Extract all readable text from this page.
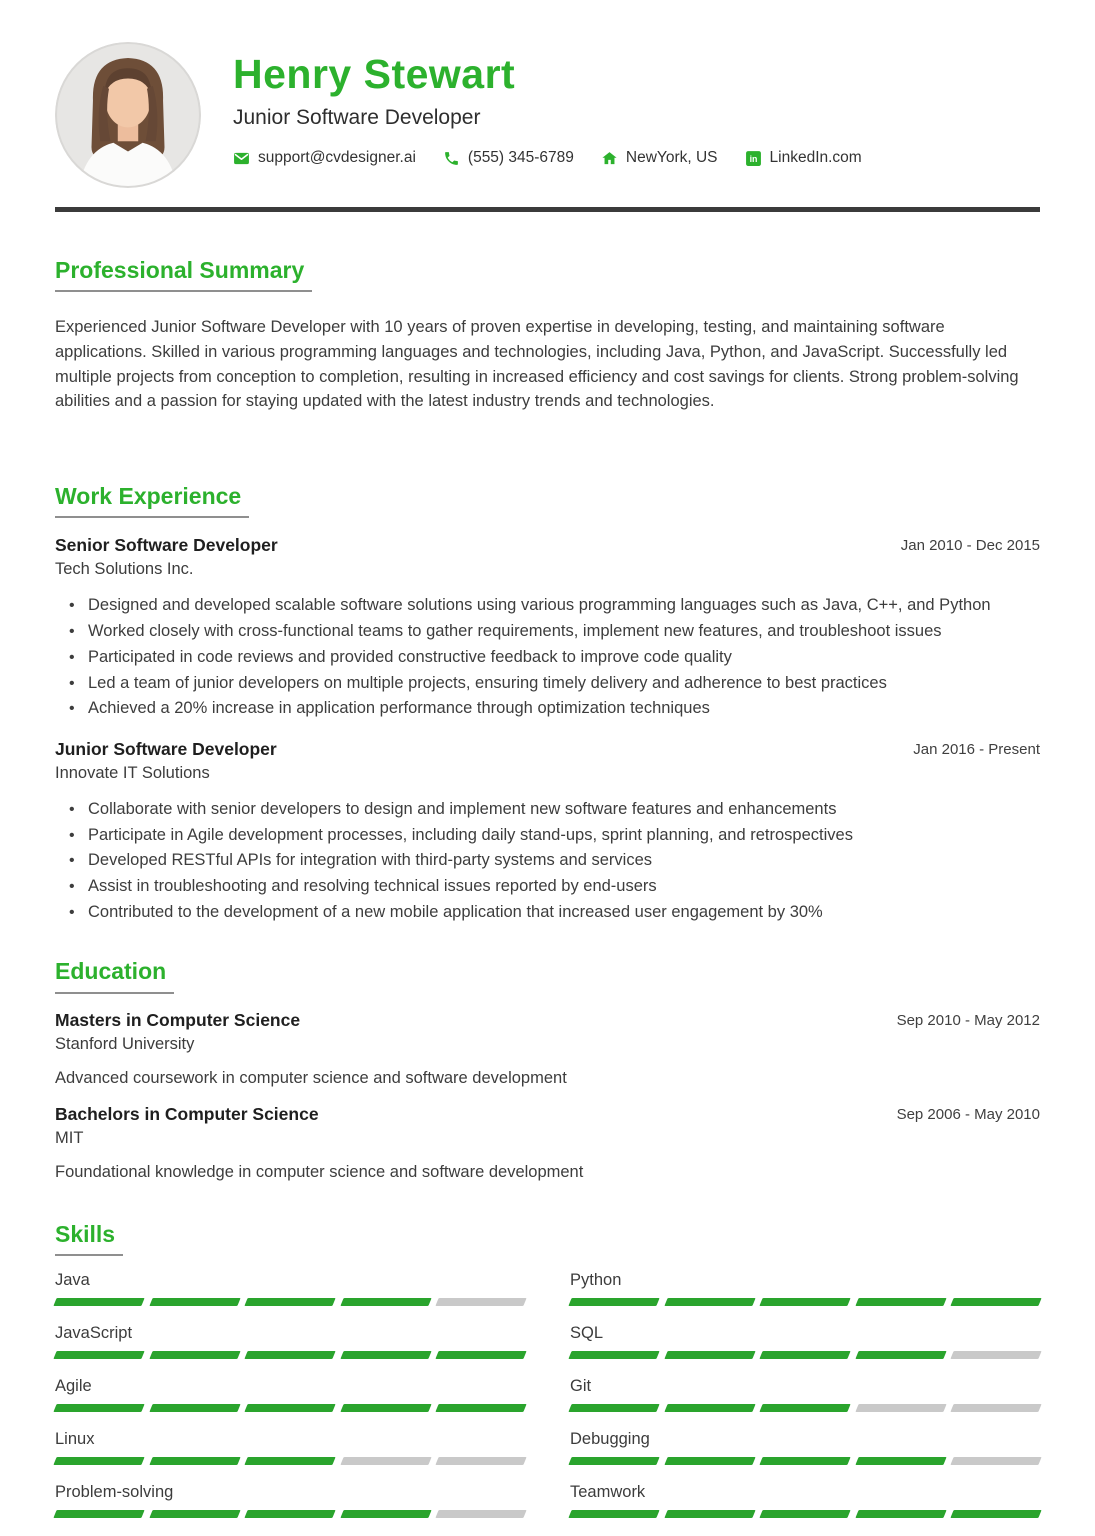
Henry Stewart
Junior Software Developer
support@cvdesigner.ai	(555) 345-6789	NewYork, US	in LinkedIn.com
Professional Summary

Experienced Junior Software Developer with 10 years of proven expertise in developing, testing, and maintaining software applications. Skilled in various programming languages and technologies, including Java, Python, and JavaScript. Successfully led multiple projects from conception to completion, resulting in increased efficiency and cost savings for clients. Strong problem-solving abilities and a passion for staying updated with the latest industry trends and technologies.

Work Experience
Senior Software Developer	Jan 2010 - Dec 2015
Tech Solutions Inc.
• Designed and developed scalable software solutions using various programming languages such as Java, C++, and Python
• Worked closely with cross-functional teams to gather requirements, implement new features, and troubleshoot issues
• Participated in code reviews and provided constructive feedback to improve code quality
• Led a team of junior developers on multiple projects, ensuring timely delivery and adherence to best practices
• Achieved a 20% increase in application performance through optimization techniques
Junior Software Developer	Jan 2016 - Present
Innovate IT Solutions
• Collaborate with senior developers to design and implement new software features and enhancements
• Participate in Agile development processes, including daily stand-ups, sprint planning, and retrospectives
• Developed RESTful APIs for integration with third-party systems and services
• Assist in troubleshooting and resolving technical issues reported by end-users
• Contributed to the development of a new mobile application that increased user engagement by 30%
Education
Masters in Computer Science	Sep 2010 - May 2012
Stanford University
Advanced coursework in computer science and software development
Bachelors in Computer Science	Sep 2006 - May 2010
MIT
Foundational knowledge in computer science and software development
Skills
Java	Python
JavaScript	SQL
Agile	Git
Linux	Debugging
Problem-solving	Teamwork
